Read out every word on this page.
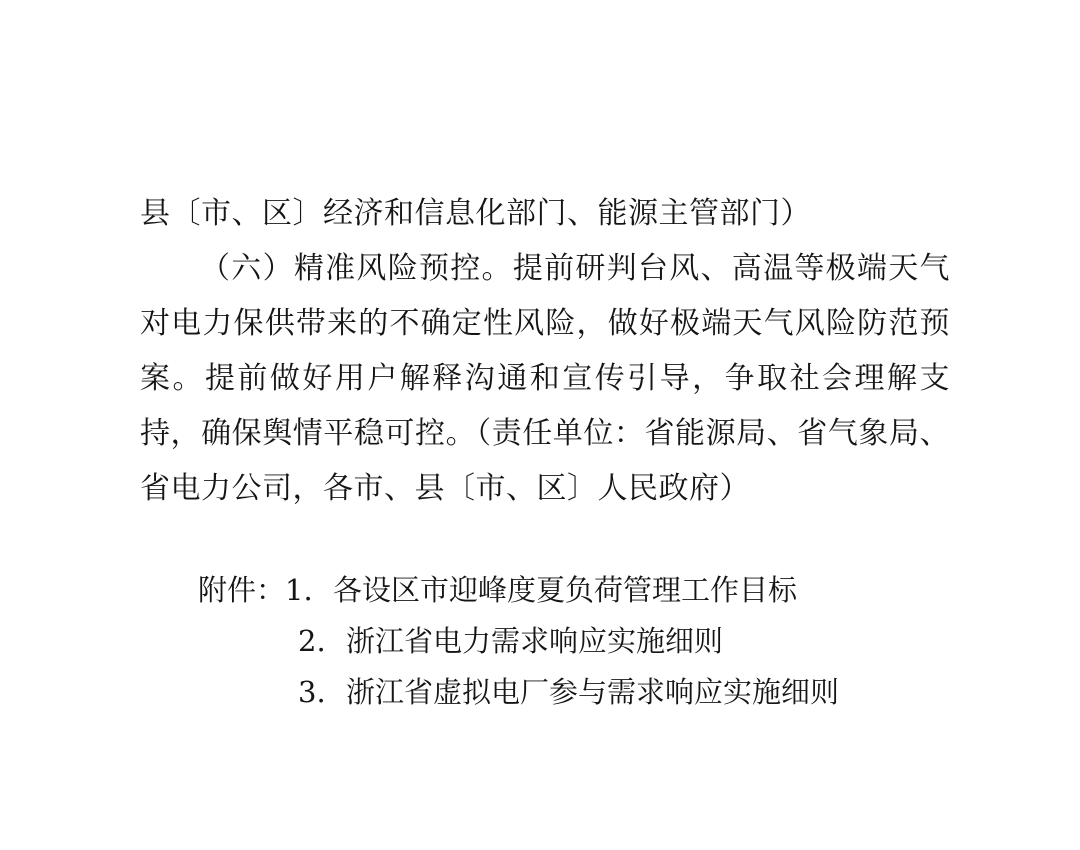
县〔市、区〕经济和信息化部门、能源主管部门）

（六）精准风险预控。提前研判台风、高温等极端天气对电力保供带来的不确定性风险，做好极端天气风险防范预案。提前做好用户解释沟通和宣传引导，争取社会理解支持，确保舆情平稳可控。（责任单位：省能源局、省气象局、省电力公司，各市、县〔市、区〕人民政府）

附件： 1. 各设区市迎峰度夏负荷管理工作目标
2. 浙江省电力需求响应实施细则
3. 浙江省虚拟电厂参与需求响应实施细则
